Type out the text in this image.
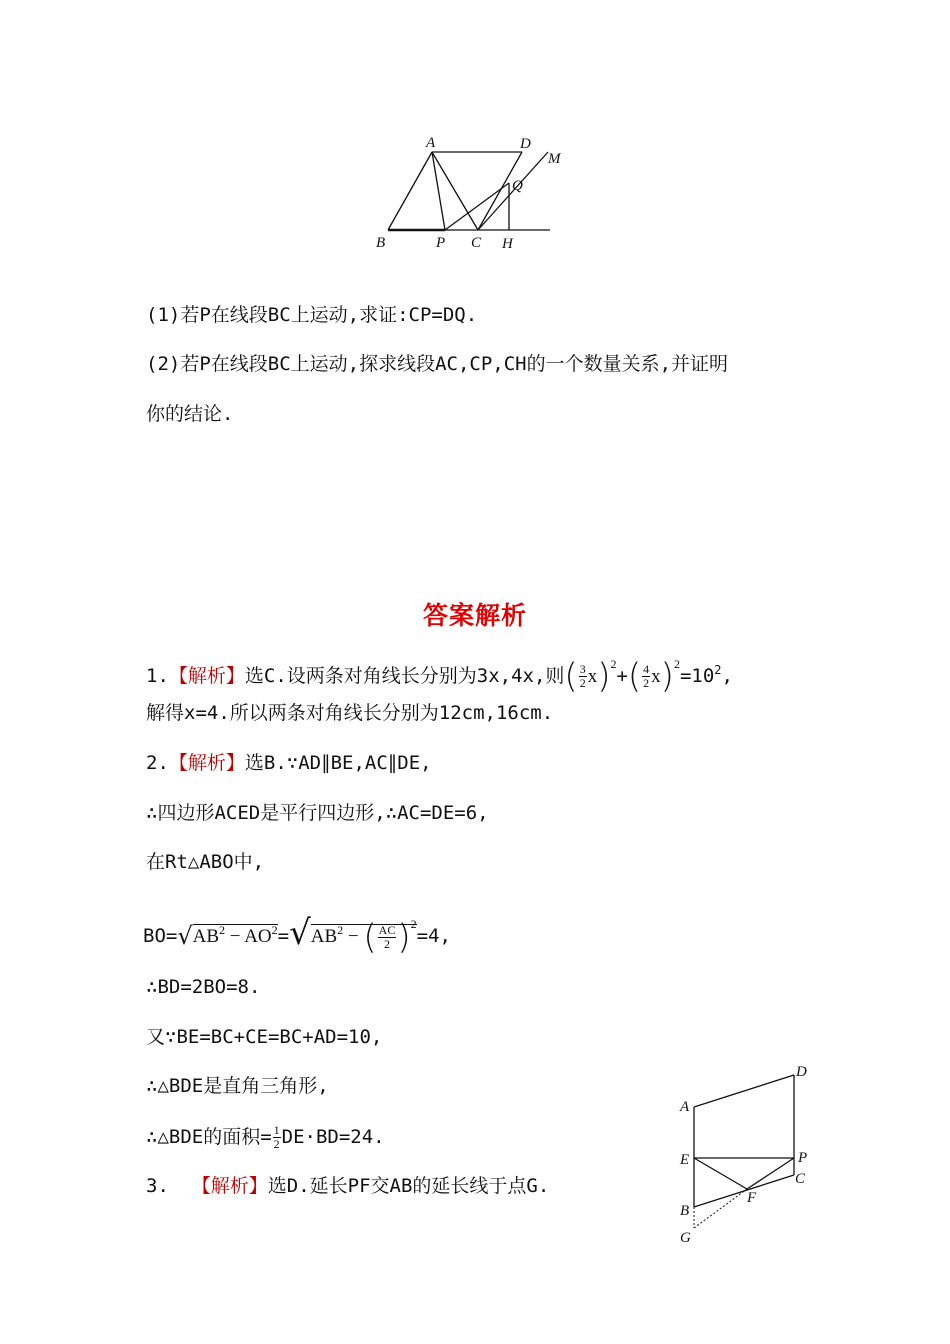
A	D
M
Q
B	P C H
(1)若P在线段BC上运动,求证:CP=DQ.
(2)若P在线段BC上运动,探求线段AC,CP,CH的一个数量关系,并证明
你的结论.
答案解析
1.【解析】选C.设两条对角线长分别为3x,4x,则( $\frac{3}{2} x)^2+( \frac{4}{2} x)^2=10^2$,
解得x=4.所以两条对角线长分别为12cm,16cm.
2.【解析】选B.∵AD∥BE,AC∥DE,
∴四边形ACED是平行四边形,∴AC=DE=6,
在Rt△ABO中,
$BO=√AB^2 - AO^2=√AB^2$ − ( $\frac{AC}{2} )^2=4$,
∴BD=2BO=8.
又∵BE=BC+CE=BC+AD=10,
∴△BDE是直角三角形,
∴△BDE的面积= $\frac{1}{2} DE\cdot BD=24$.
3. 【解析】选D.延长PF交AB的延长线于点G.
D
A
E	P
C
F
B
G
